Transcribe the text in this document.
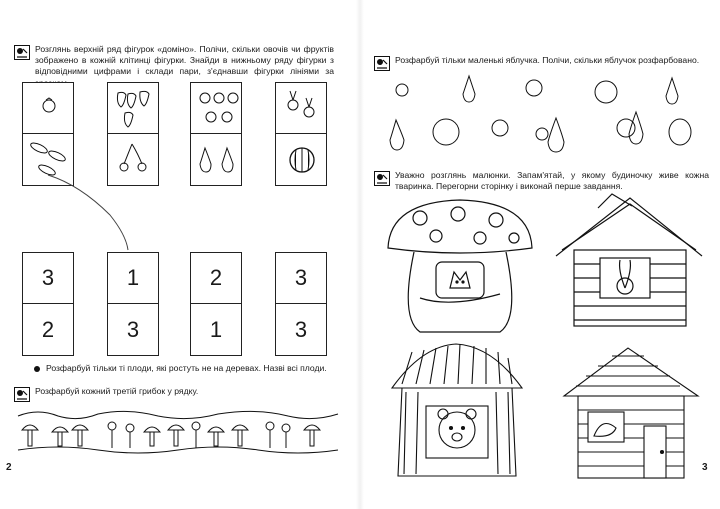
Розглянь верхній ряд фігурок «доміно». Полічи, скільки овочів чи фруктів зображено в кожній клітинці фігурки. Знайди в нижньому ряду фігурки з відповідними цифрами і склади пари, з'єднавши фігурки лініями за
3
2
1
3
2
1
3
3
Розфарбуй тільки ті плоди, які ростуть не на деревах. Назві всі плоди.
Розфарбуй кожний третій грибок у рядку.
2
Розфарбуй тільки маленькі яблучка. Полічи, скільки яблучок розфарбовано.
Уважно розглянь малюнки. Запам'ятай, у якому будиночку живе кожна тваринка. Перегорни сторінку і виконай перше завдання.
3
